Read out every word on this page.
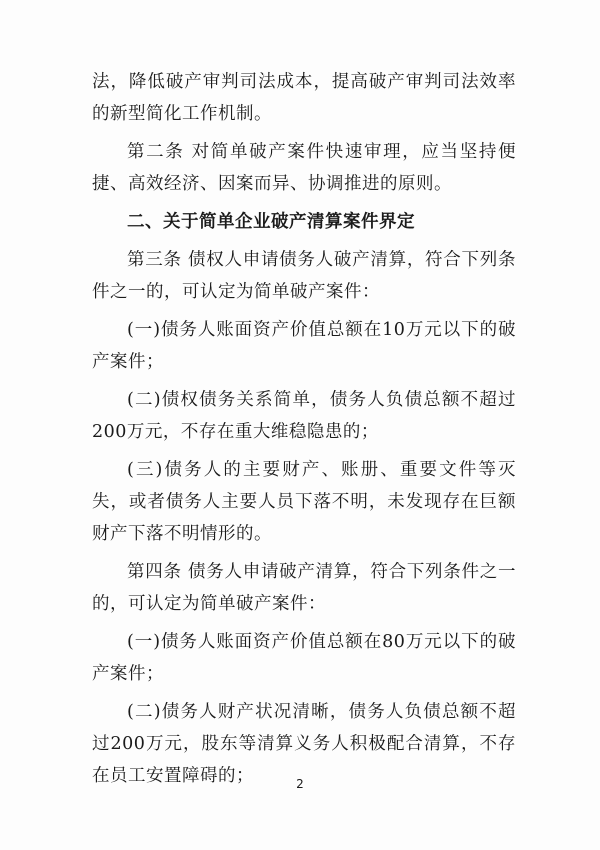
法，降低破产审判司法成本，提高破产审判司法效率的新型简化工作机制。

第二条 对简单破产案件快速审理，应当坚持便捷、高效经济、因案而异、协调推进的原则。

二、关于简单企业破产清算案件界定

第三条 债权人申请债务人破产清算，符合下列条件之一的，可认定为简单破产案件：

(一)债务人账面资产价值总额在10万元以下的破产案件；

(二)债权债务关系简单，债务人负债总额不超过200万元，不存在重大维稳隐患的；

(三)债务人的主要财产、账册、重要文件等灭失，或者债务人主要人员下落不明，未发现存在巨额财产下落不明情形的。

第四条 债务人申请破产清算，符合下列条件之一的，可认定为简单破产案件：

(一)债务人账面资产价值总额在80万元以下的破产案件；

(二)债务人财产状况清晰，债务人负债总额不超过200万元，股东等清算义务人积极配合清算，不存在员工安置障碍的；	2
